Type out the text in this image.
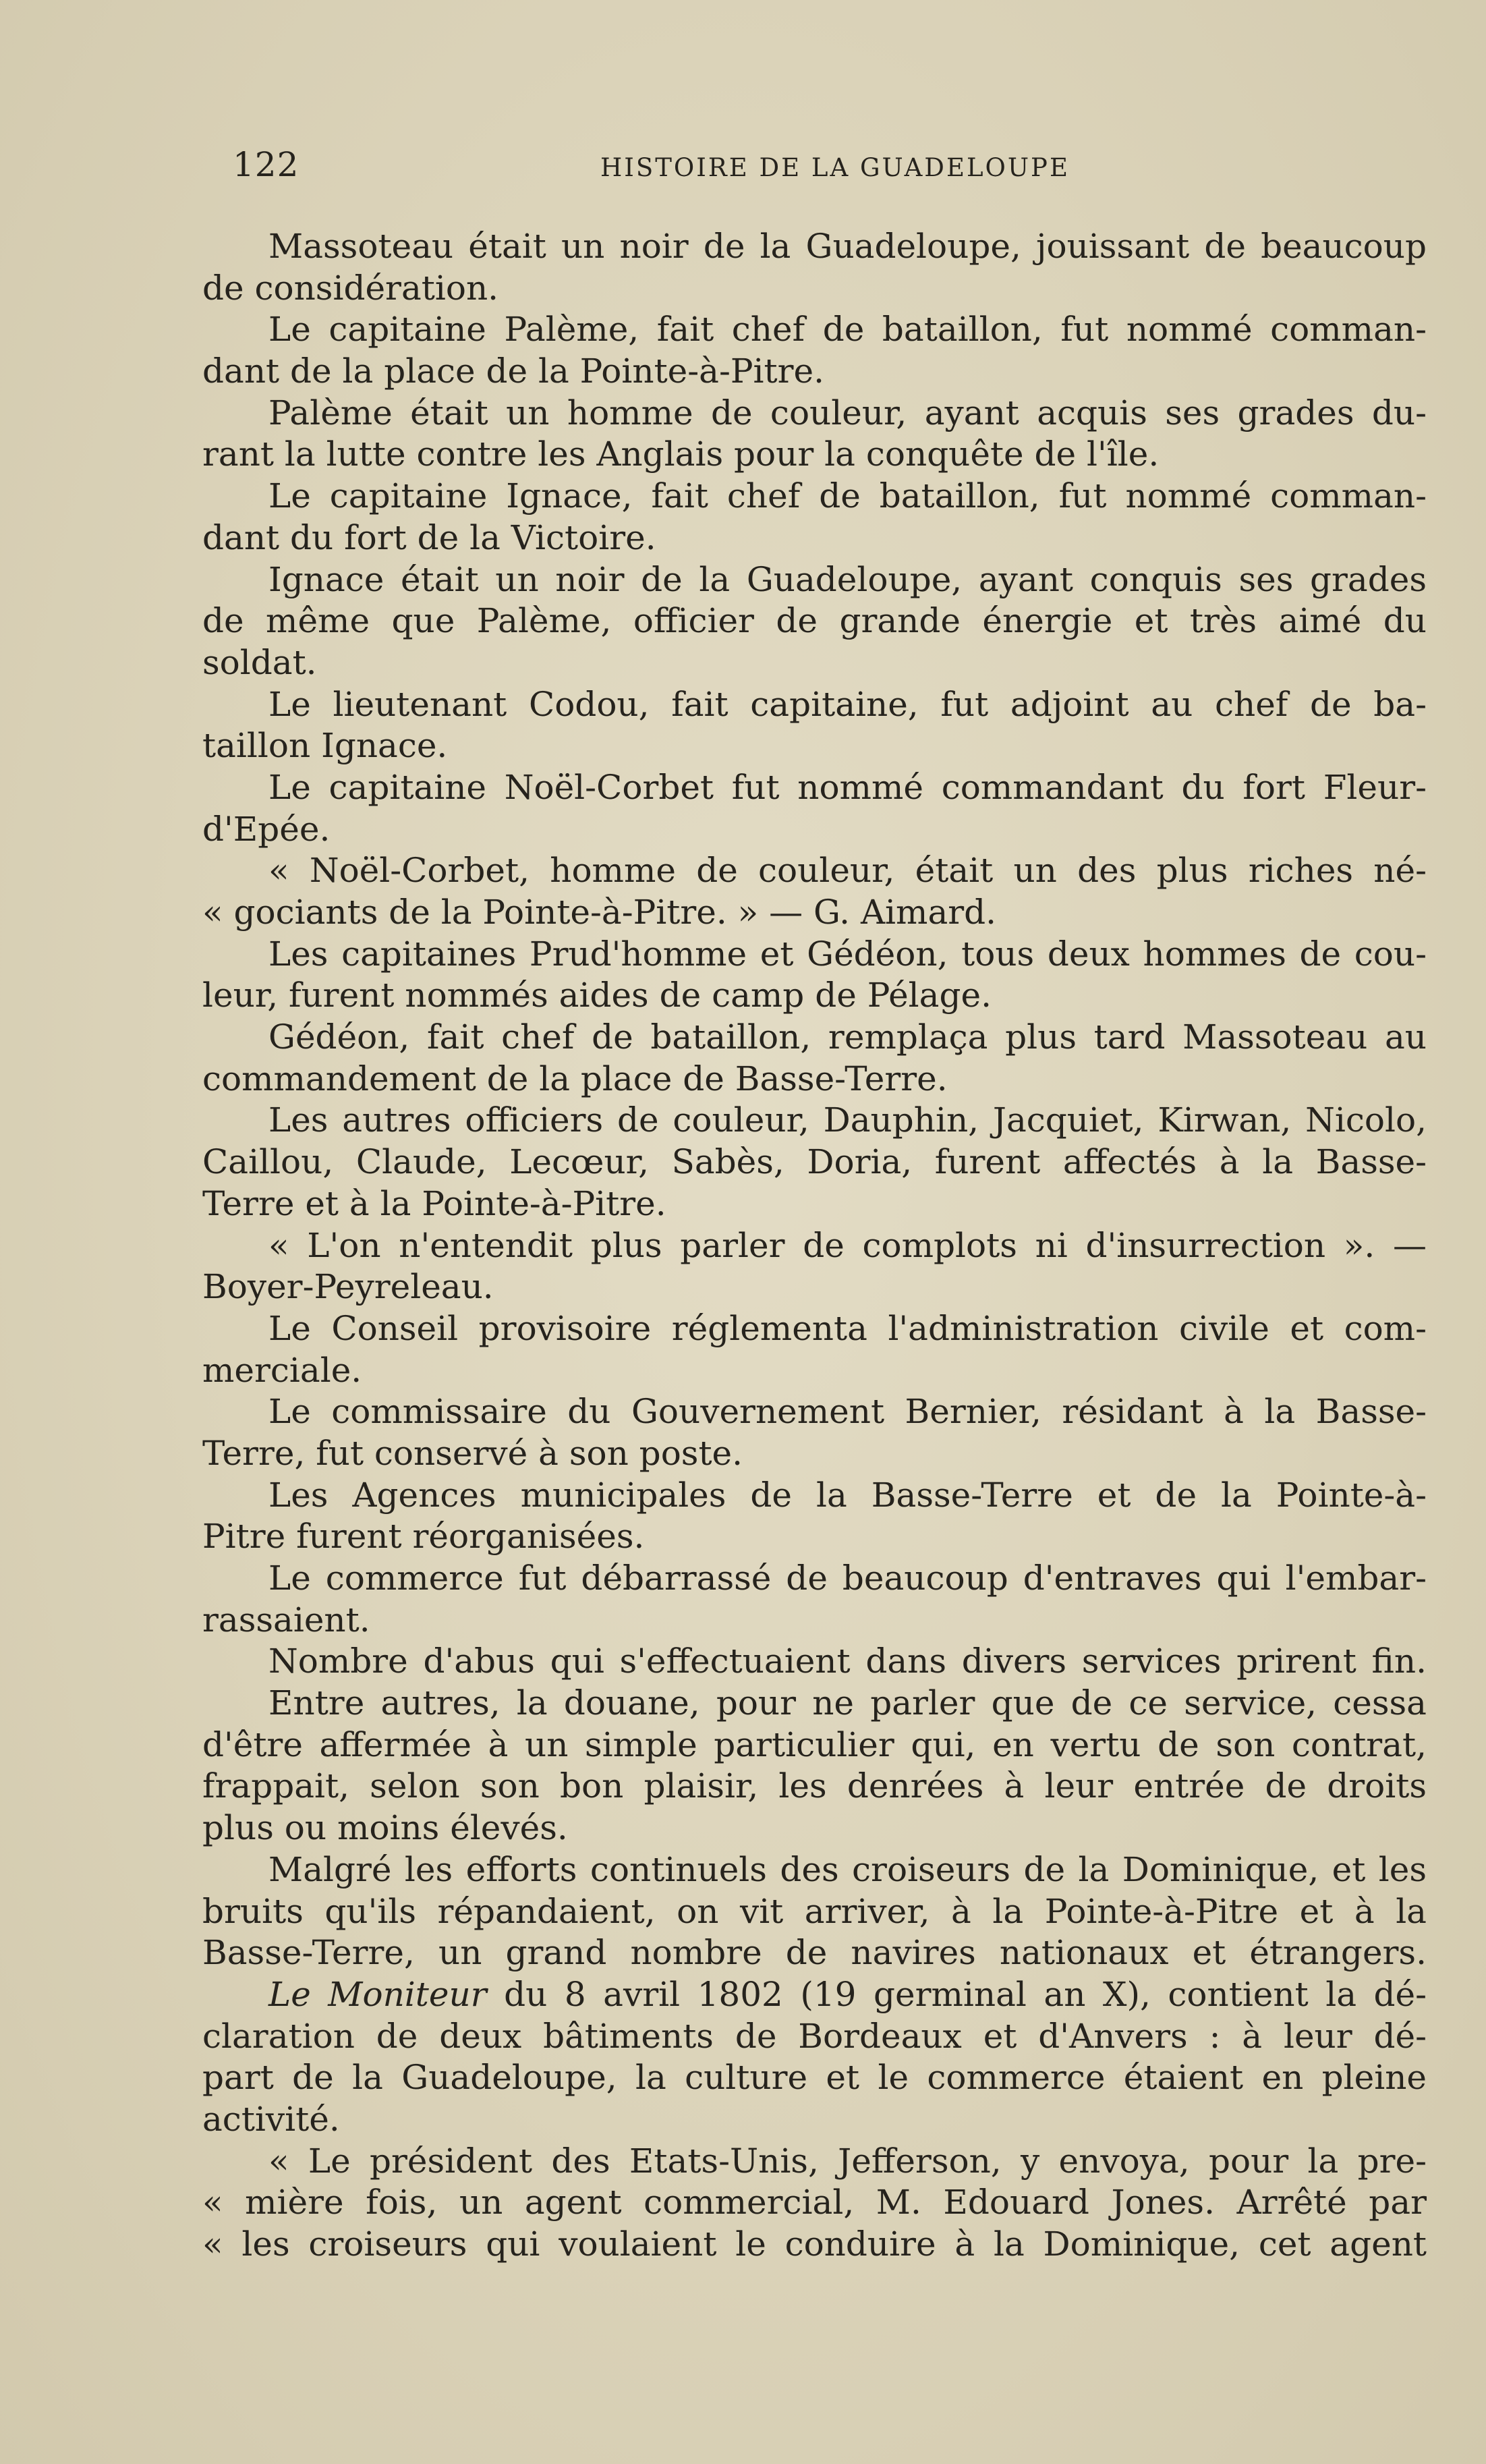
122	HISTOIRE DE LA GUADELOUPE
Massoteau était un noir de la Guadeloupe, jouissant de beaucoup
de considération.
Le capitaine Palème, fait chef de bataillon, fut nommé comman-
dant de la place de la Pointe-à-Pitre.
Palème était un homme de couleur, ayant acquis ses grades du-
rant la lutte contre les Anglais pour la conquête de l'île.
Le capitaine Ignace, fait chef de bataillon, fut nommé comman-
dant du fort de la Victoire.
Ignace était un noir de la Guadeloupe, ayant conquis ses grades
de même que Palème, officier de grande énergie et très aimé du
soldat.
Le lieutenant Codou, fait capitaine, fut adjoint au chef de ba-
taillon Ignace.
Le capitaine Noël-Corbet fut nommé commandant du fort Fleur-
d'Epée.
« Noël-Corbet, homme de couleur, était un des plus riches né-
« gociants de la Pointe-à-Pitre. » — G. Aimard.
Les capitaines Prud'homme et Gédéon, tous deux hommes de cou-
leur, furent nommés aides de camp de Pélage.
Gédéon, fait chef de bataillon, remplaça plus tard Massoteau au
commandement de la place de Basse-Terre.
Les autres officiers de couleur, Dauphin, Jacquiet, Kirwan, Nicolo,
Caillou, Claude, Lecœur, Sabès, Doria, furent affectés à la Basse-
Terre et à la Pointe-à-Pitre.
« L'on n'entendit plus parler de complots ni d'insurrection ». —
Boyer-Peyreleau.
Le Conseil provisoire réglementa l'administration civile et com-
merciale.
Le commissaire du Gouvernement Bernier, résidant à la Basse-
Terre, fut conservé à son poste.
Les Agences municipales de la Basse-Terre et de la Pointe-à-
Pitre furent réorganisées.
Le commerce fut débarrassé de beaucoup d'entraves qui l'embar-
rassaient.
Nombre d'abus qui s'effectuaient dans divers services prirent fin.
Entre autres, la douane, pour ne parler que de ce service, cessa
d'être affermée à un simple particulier qui, en vertu de son contrat,
frappait, selon son bon plaisir, les denrées à leur entrée de droits
plus ou moins élevés.
Malgré les efforts continuels des croiseurs de la Dominique, et les
bruits qu'ils répandaient, on vit arriver, à la Pointe-à-Pitre et à la
Basse-Terre, un grand nombre de navires nationaux et étrangers.
Le Moniteur du 8 avril 1802 (19 germinal an X), contient la dé-
claration de deux bâtiments de Bordeaux et d'Anvers : à leur dé-
part de la Guadeloupe, la culture et le commerce étaient en pleine
activité.
« Le président des Etats-Unis, Jefferson, y envoya, pour la pre-
« mière fois, un agent commercial, M. Edouard Jones. Arrêté par
« les croiseurs qui voulaient le conduire à la Dominique, cet agent
